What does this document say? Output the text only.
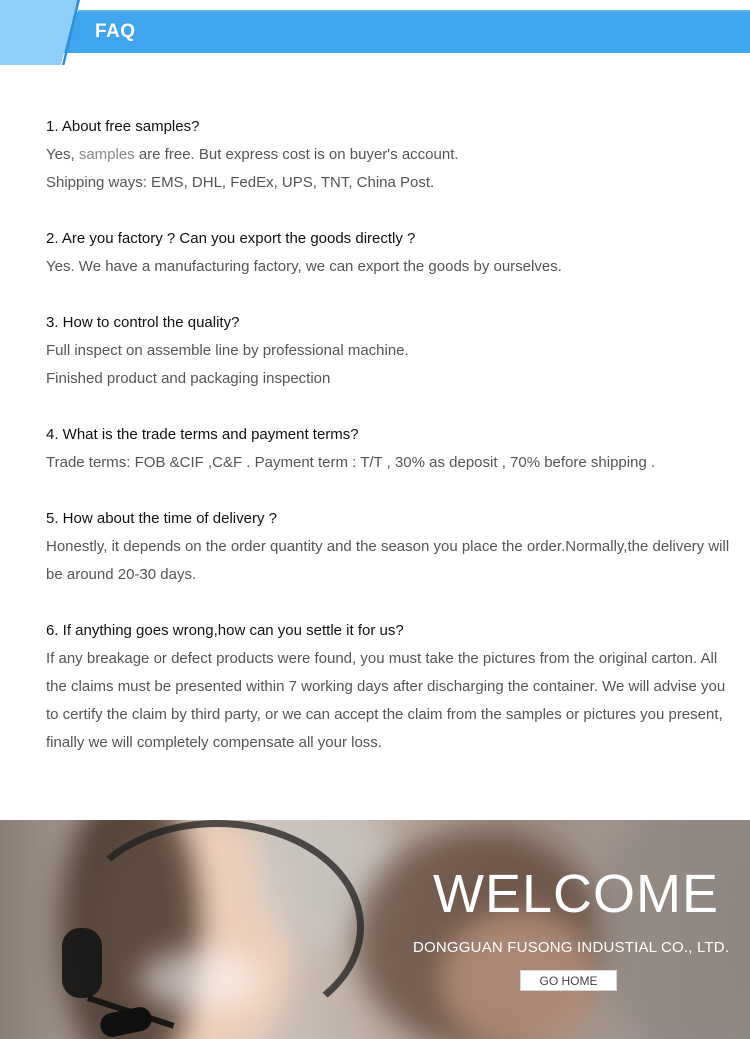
FAQ
1. About free samples?
Yes, samples are free. But express cost is on buyer's account.
Shipping ways: EMS, DHL, FedEx, UPS, TNT, China Post.
2. Are you factory ? Can you export the goods directly ?
Yes. We have a manufacturing factory, we can export the goods by ourselves.
3. How to control the quality?
Full inspect on assemble line by professional machine.
Finished product and packaging inspection
4. What is the trade terms and payment terms?
Trade terms: FOB &CIF ,C&F . Payment term : T/T , 30% as deposit , 70% before shipping .
5. How about the time of delivery ?
Honestly, it depends on the order quantity and the season you place the order.Normally,the delivery will be around 20-30 days.
6. If anything goes wrong,how can you settle it for us?
If any breakage or defect products were found, you must take the pictures from the original carton. All the claims must be presented within 7 working days after discharging the container. We will advise you to certify the claim by third party, or we can accept the claim from the samples or pictures you present, finally we will completely compensate all your loss.
WELCOME
DONGGUAN FUSONG INDUSTIAL CO., LTD.
GO HOME
